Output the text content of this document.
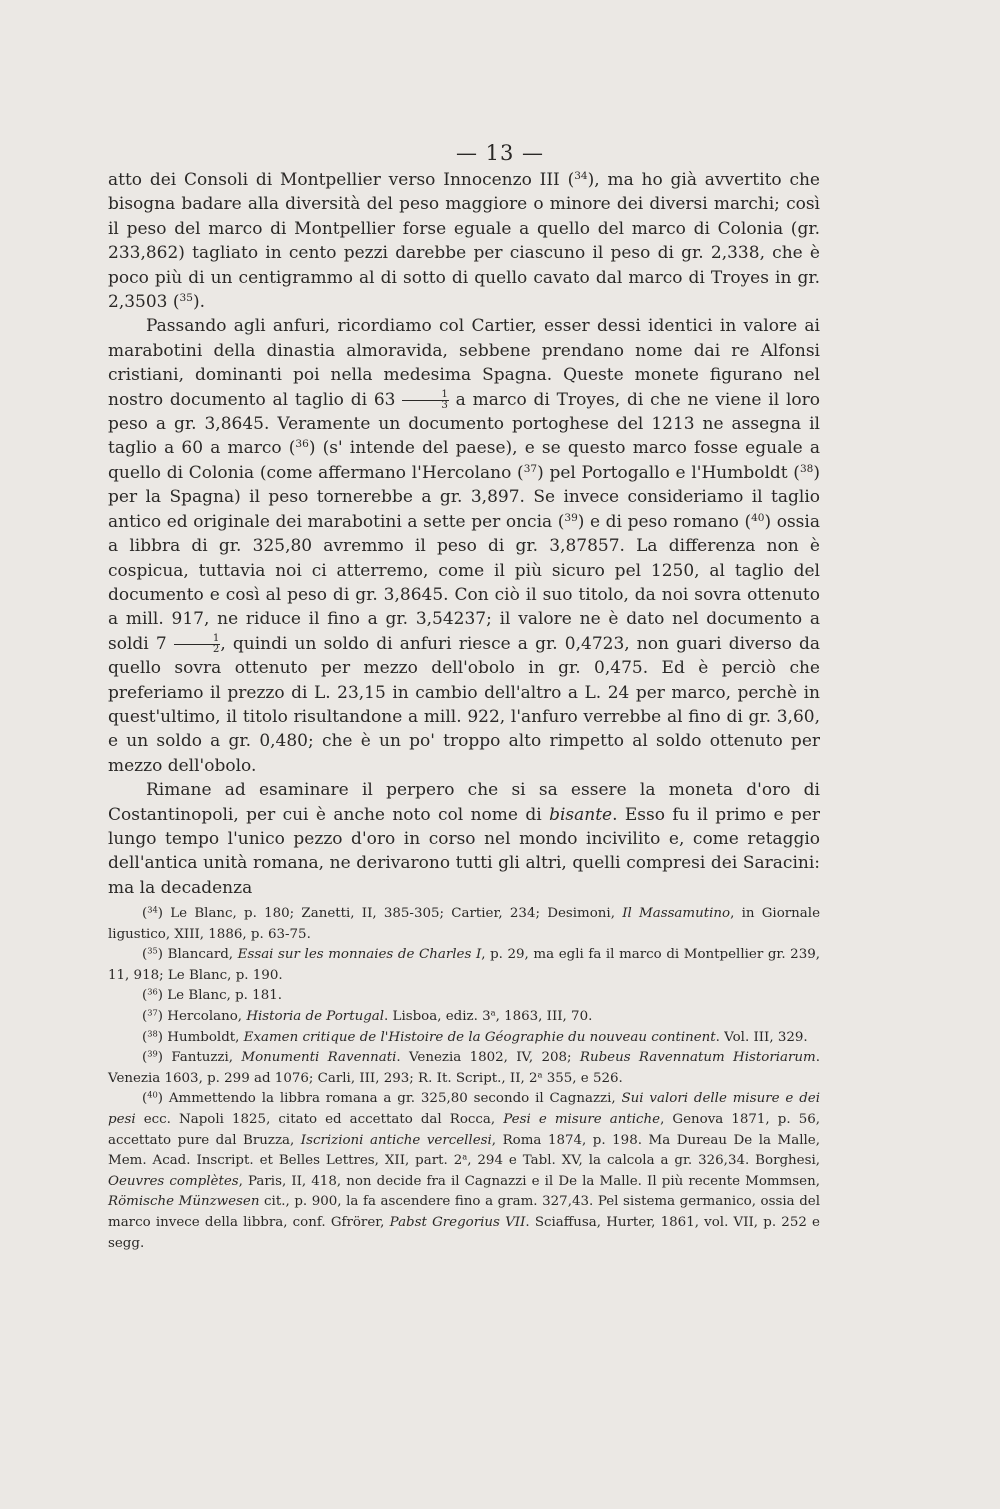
— 13 —

atto dei Consoli di Montpellier verso Innocenzo III ($^{34}$), ma ho già avvertito che bisogna badare alla diversità del peso maggiore o minore dei diversi marchi; così il peso del marco di Montpellier forse eguale a quello del marco di Colonia (gr. 233,862) tagliato in cento pezzi darebbe per ciascuno il peso di gr. 2,338, che è poco più di un centigrammo al di sotto di quello cavato dal marco di Troyes in gr. 2,3503 ($^{35}$).

Passando agli anfuri, ricordiamo col Cartier, esser dessi identici in valore ai marabotini della dinastia almoravida, sebbene prendano nome dai re Alfonsi cristiani, dominanti poi nella medesima Spagna. Queste monete figurano nel nostro documento al taglio di $63 \frac{1}{3}$ a marco di Troyes, di che ne viene il loro peso a gr. 3,8645. Veramente un documento portoghese del 1213 ne assegna il taglio a 60 a marco ($^{36}$) (s' intende del paese), e se questo marco fosse eguale a quello di Colonia (come affermano l'Hercolano ($^{37}$) pel Portogallo e l'Humboldt ($^{38}$) per la Spagna) il peso tornerebbe a gr. 3,897. Se invece consideriamo il taglio antico ed originale dei marabotini a sette per oncia ($^{39}$) e di peso romano ($^{40}$) ossia a libbra di gr. 325,80 avremmo il peso di gr. 3,87857. La differenza non è cospicua, tuttavia noi ci atterremo, come il più sicuro pel 1250, al taglio del documento e così al peso di gr. 3,8645. Con ciò il suo titolo, da noi sovra ottenuto a mill. 917, ne riduce il fino a gr. 3,54237; il valore ne è dato nel documento a soldi $7 \frac{1}{2}$ , quindi un soldo di anfuri riesce a gr. 0,4723, non guari diverso da quello sovra ottenuto per mezzo dell'obolo in gr. 0,475. Ed è perciò che preferiamo il prezzo di L. 23,15 in cambio dell'altro a L. 24 per marco, perchè in quest'ultimo, il titolo risultandone a mill. 922, l'anfuro verrebbe al fino di gr. 3,60, e un soldo a gr. 0,480; che è un po' troppo alto rimpetto al soldo ottenuto per mezzo dell'obolo.

Rimane ad esaminare il perpero che si sa essere la moneta d'oro di Costantinopoli, per cui è anche noto col nome di bisante. Esso fu il primo e per lungo tempo l'unico pezzo d'oro in corso nel mondo incivilito e, come retaggio dell'antica unità romana, ne derivarono tutti gli altri, quelli compresi dei Saracini: ma la decadenza

($^{34}$) Le Blanc, p. 180; Zanetti, II, 385-305; Cartier, 234; Desimoni, Il Massamutino, in Giornale ligustico, XIII, 1886, p. 63-75.

($^{35}$) Blancard, Essai sur les monnaies de Charles I, p. 29, ma egli fa il marco di Montpellier gr. 239, 11, 918; Le Blanc, p. 190.

($^{36}$) Le Blanc, p. 181.

($^{37}$) Hercolano, Historia de Portugal. Lisboa, ediz. 3$^a$, 1863, III, 70.

($^{38}$) Humboldt, Examen critique de l'Histoire de la Géographie du nouveau continent. Vol. III, 329.

($^{39}$) Fantuzzi, Monumenti Ravennati. Venezia 1802, IV, 208; Rubeus Ravennatum Historiarum. Venezia 1603, p. 299 ad 1076; Carli, III, 293; R. It. Script., II, 2$^a$ 355, e 526.

($^{40}$) Ammettendo la libbra romana a gr. 325,80 secondo il Cagnazzi, Sui valori delle misure e dei pesi ecc. Napoli 1825, citato ed accettato dal Rocca, Pesi e misure antiche, Genova 1871, p. 56, accettato pure dal Bruzza, Iscrizioni antiche vercellesi, Roma 1874, p. 198. Ma Dureau De la Malle, Mem. Acad. Inscript. et Belles Lettres, XII, part. 2$^a$, 294 e Tabl. XV, la calcola a gr. 326,34. Borghesi, Oeuvres complètes, Paris, II, 418, non decide fra il Cagnazzi e il De la Malle. Il più recente Mommsen, Römische Münzwesen cit., p. 900, la fa ascendere fino a gram. 327,43. Pel sistema germanico, ossia del marco invece della libbra, conf. Gfrörer, Pabst Gregorius VII. Sciaffusa, Hurter, 1861, vol. VII, p. 252 e segg.
